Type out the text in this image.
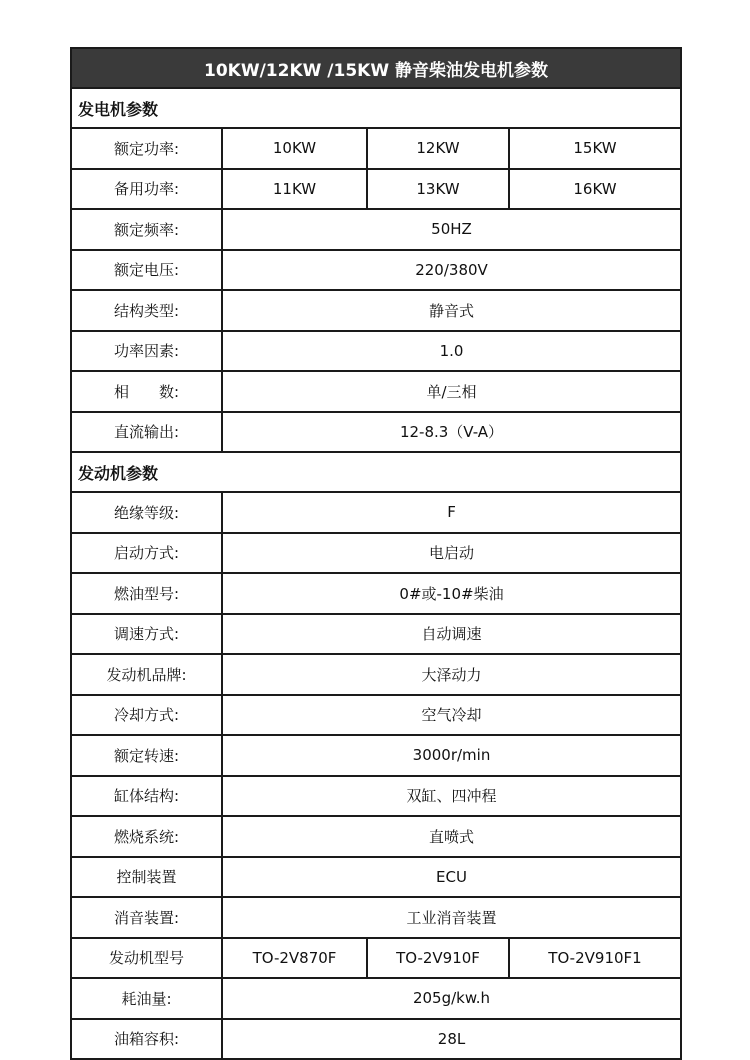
10KW/12KW /15KW 静音柴油发电机参数			
发电机参数			
额定功率:	10KW	12KW	15KW
备用功率:	11KW	13KW	16KW
额定频率:	50HZ		
额定电压:	220/380V		
结构类型:	静音式		
功率因素:	1.0		
相　　数:	单/三相		
直流输出:	12-8.3（V-A）		
发动机参数			
绝缘等级:	F		
启动方式:	电启动		
燃油型号:	0#或-10#柴油		
调速方式:	自动调速		
发动机品牌:	大泽动力		
冷却方式:	空气冷却		
额定转速:	3000r/min		
缸体结构:	双缸、四冲程		
燃烧系统:	直喷式		
控制装置	ECU		
消音装置:	工业消音装置		
发动机型号	TO-2V870F	TO-2V910F	TO-2V910F1
耗油量:	205g/kw.h		
油箱容积:	28L		
